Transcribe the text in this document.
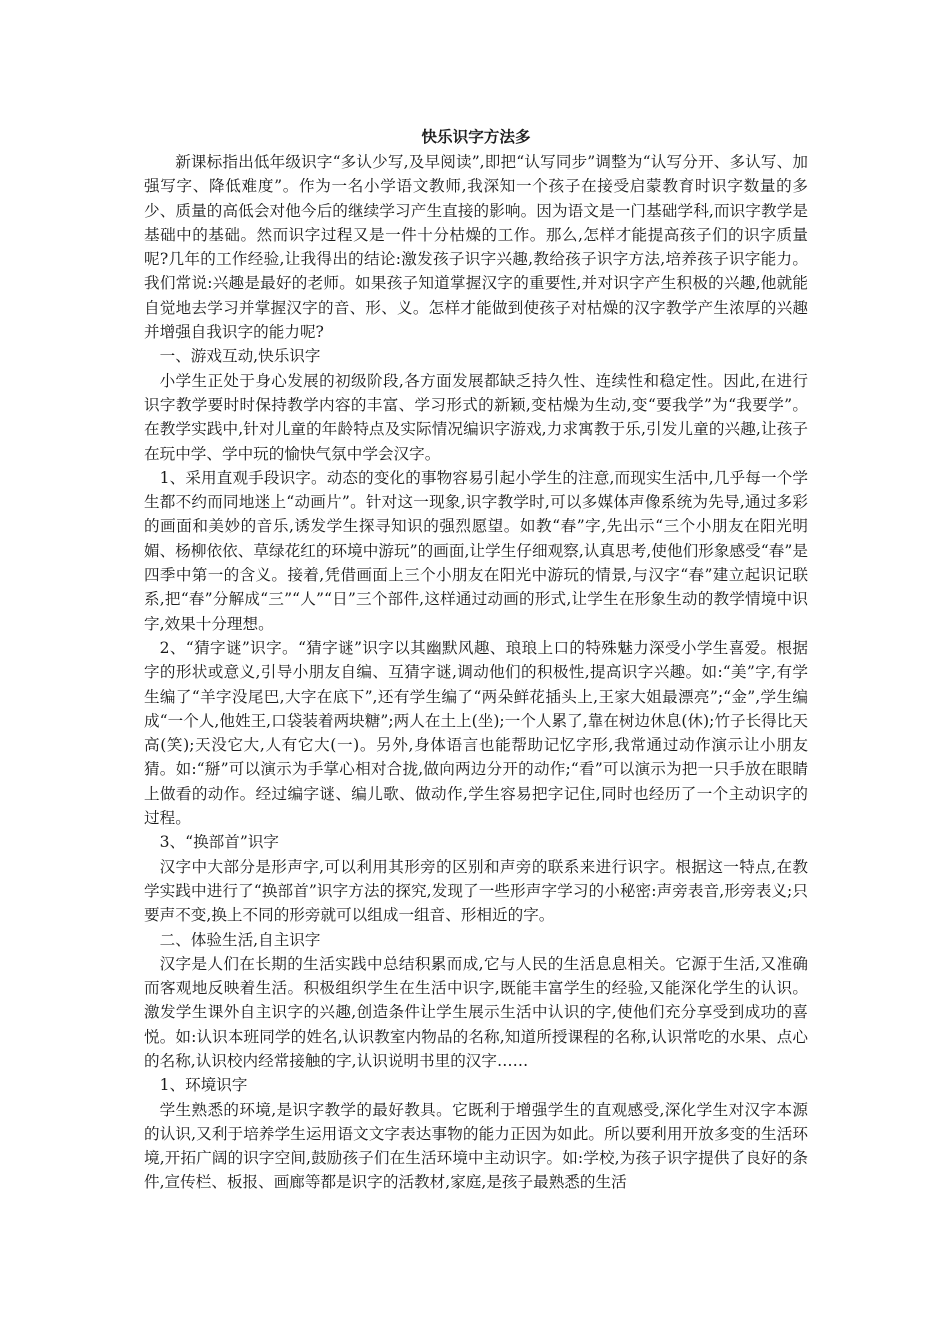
快乐识字方法多

新课标指出低年级识字“多认少写,及早阅读”,即把“认写同步”调整为“认写分开、多认写、加强写字、降低难度”。作为一名小学语文教师,我深知一个孩子在接受启蒙教育时识字数量的多少、质量的高低会对他今后的继续学习产生直接的影响。因为语文是一门基础学科,而识字教学是基础中的基础。然而识字过程又是一件十分枯燥的工作。那么,怎样才能提高孩子们的识字质量呢?几年的工作经验,让我得出的结论:激发孩子识字兴趣,教给孩子识字方法,培养孩子识字能力。我们常说:兴趣是最好的老师。如果孩子知道掌握汉字的重要性,并对识字产生积极的兴趣,他就能自觉地去学习并掌握汉字的音、形、义。怎样才能做到使孩子对枯燥的汉字教学产生浓厚的兴趣并增强自我识字的能力呢?

一、游戏互动,快乐识字

小学生正处于身心发展的初级阶段,各方面发展都缺乏持久性、连续性和稳定性。因此,在进行识字教学要时时保持教学内容的丰富、学习形式的新颖,变枯燥为生动,变“要我学”为“我要学”。在教学实践中,针对儿童的年龄特点及实际情况编识字游戏,力求寓教于乐,引发儿童的兴趣,让孩子在玩中学、学中玩的愉快气氛中学会汉字。

1、采用直观手段识字。动态的变化的事物容易引起小学生的注意,而现实生活中,几乎每一个学生都不约而同地迷上“动画片”。针对这一现象,识字教学时,可以多媒体声像系统为先导,通过多彩的画面和美妙的音乐,诱发学生探寻知识的强烈愿望。如教“春”字,先出示“三个小朋友在阳光明媚、杨柳依依、草绿花红的环境中游玩”的画面,让学生仔细观察,认真思考,使他们形象感受“春”是四季中第一的含义。接着,凭借画面上三个小朋友在阳光中游玩的情景,与汉字“春”建立起识记联系,把“春”分解成“三”“人”“日”三个部件,这样通过动画的形式,让学生在形象生动的教学情境中识字,效果十分理想。

2、“猜字谜”识字。“猜字谜”识字以其幽默风趣、琅琅上口的特殊魅力深受小学生喜爱。根据字的形状或意义,引导小朋友自编、互猜字谜,调动他们的积极性,提高识字兴趣。如:“美”字,有学生编了“羊字没尾巴,大字在底下”,还有学生编了“两朵鲜花插头上,王家大姐最漂亮”;“金”,学生编成“一个人,他姓王,口袋装着两块糖”;两人在土上(坐);一个人累了,靠在树边休息(休);竹子长得比天高(笑);天没它大,人有它大(一)。另外,身体语言也能帮助记忆字形,我常通过动作演示让小朋友猜。如:“掰”可以演示为手掌心相对合拢,做向两边分开的动作;“看”可以演示为把一只手放在眼睛上做看的动作。经过编字谜、编儿歌、做动作,学生容易把字记住,同时也经历了一个主动识字的过程。

3、“换部首”识字

汉字中大部分是形声字,可以利用其形旁的区别和声旁的联系来进行识字。根据这一特点,在教学实践中进行了“换部首”识字方法的探究,发现了一些形声字学习的小秘密:声旁表音,形旁表义;只要声不变,换上不同的形旁就可以组成一组音、形相近的字。

二、体验生活,自主识字

汉字是人们在长期的生活实践中总结积累而成,它与人民的生活息息相关。它源于生活,又准确而客观地反映着生活。积极组织学生在生活中识字,既能丰富学生的经验,又能深化学生的认识。激发学生课外自主识字的兴趣,创造条件让学生展示生活中认识的字,使他们充分享受到成功的喜悦。如:认识本班同学的姓名,认识教室内物品的名称,知道所授课程的名称,认识常吃的水果、点心的名称,认识校内经常接触的字,认识说明书里的汉字……

1、环境识字

学生熟悉的环境,是识字教学的最好教具。它既利于增强学生的直观感受,深化学生对汉字本源的认识,又利于培养学生运用语文文字表达事物的能力正因为如此。所以要利用开放多变的生活环境,开拓广阔的识字空间,鼓励孩子们在生活环境中主动识字。如:学校,为孩子识字提供了良好的条件,宣传栏、板报、画廊等都是识字的活教材,家庭,是孩子最熟悉的生活
